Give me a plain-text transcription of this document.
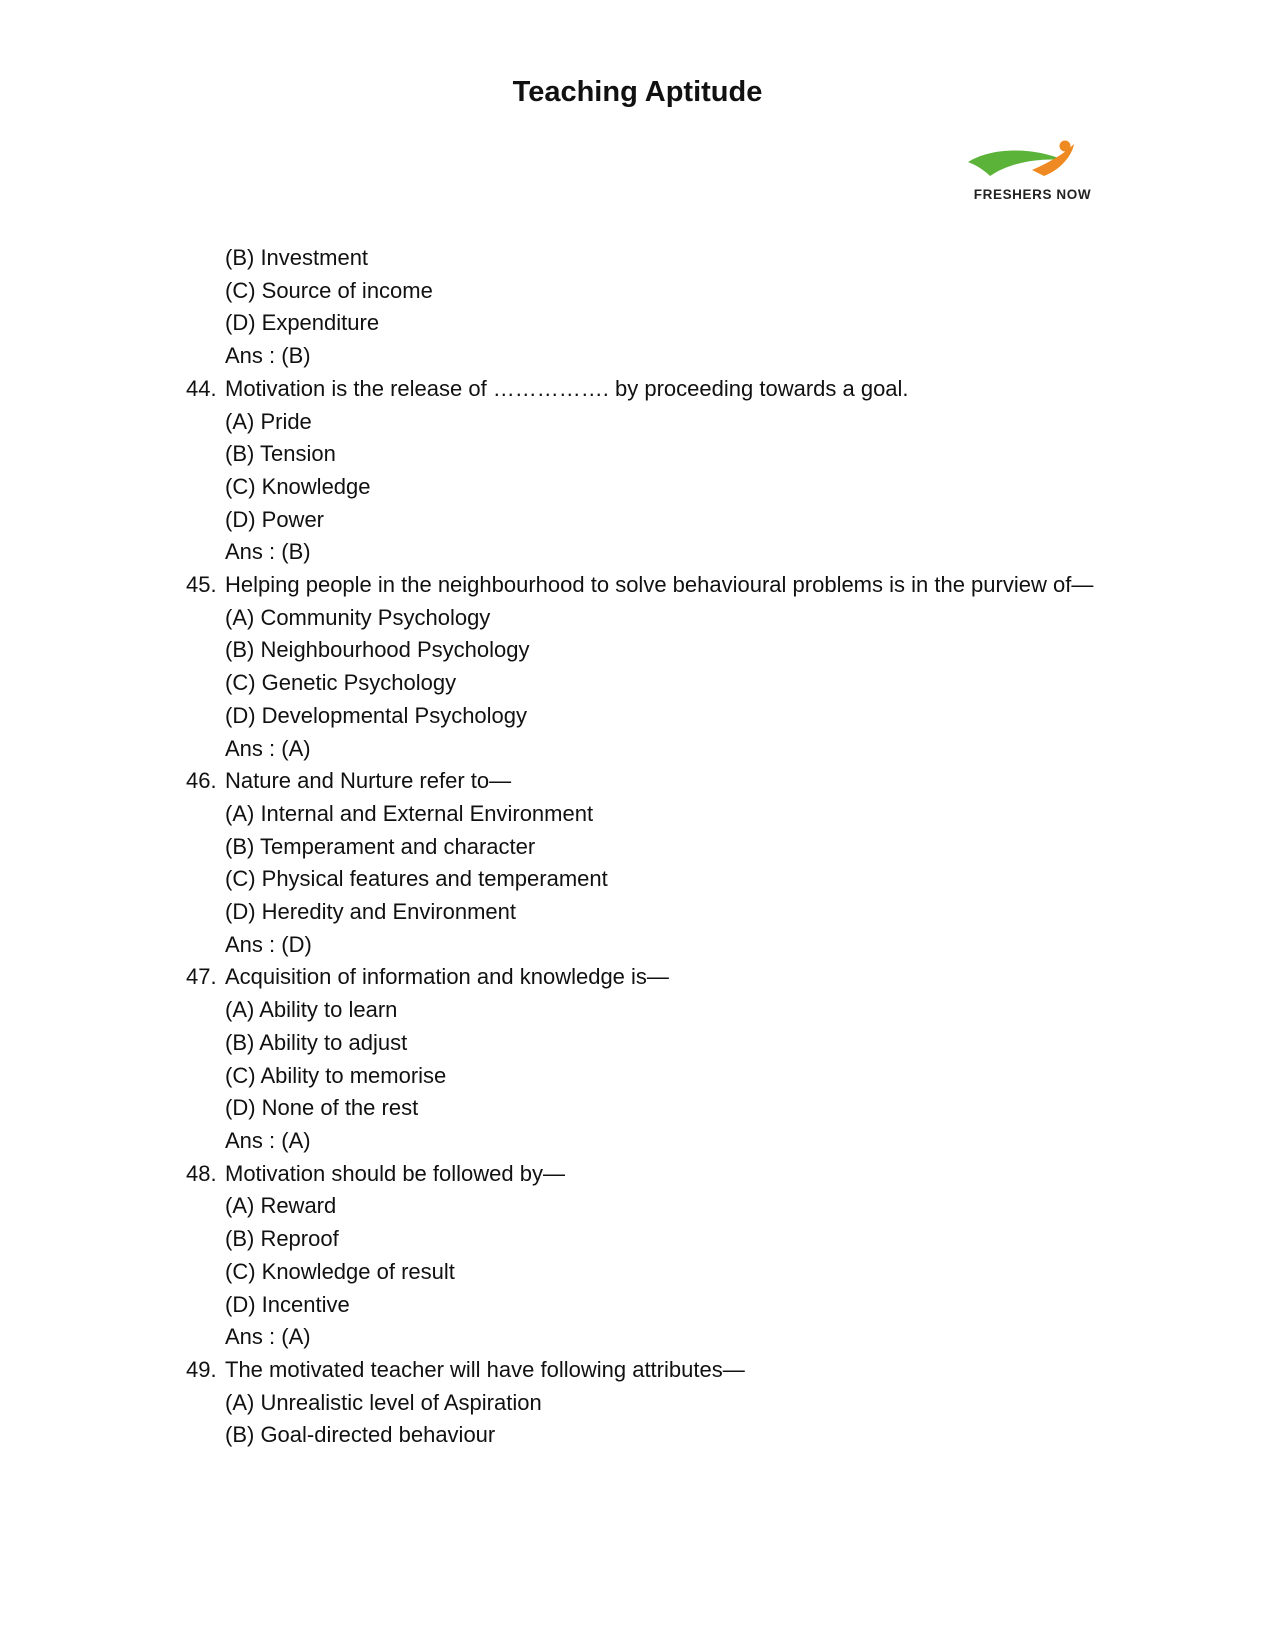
Teaching Aptitude
FRESHERS NOW
(B) Investment
(C) Source of income
(D) Expenditure
Ans : (B)
44. Motivation is the release of ……………. by proceeding towards a goal.
(A) Pride
(B) Tension
(C) Knowledge
(D) Power
Ans : (B)
45. Helping people in the neighbourhood to solve behavioural problems is in the purview of—
(A) Community Psychology
(B) Neighbourhood Psychology
(C) Genetic Psychology
(D) Developmental Psychology
Ans : (A)
46. Nature and Nurture refer to—
(A) Internal and External Environment
(B) Temperament and character
(C) Physical features and temperament
(D) Heredity and Environment
Ans : (D)
47. Acquisition of information and knowledge is—
(A) Ability to learn
(B) Ability to adjust
(C) Ability to memorise
(D) None of the rest
Ans : (A)
48. Motivation should be followed by—
(A) Reward
(B) Reproof
(C) Knowledge of result
(D) Incentive
Ans : (A)
49. The motivated teacher will have following attributes—
(A) Unrealistic level of Aspiration
(B) Goal-directed behaviour
